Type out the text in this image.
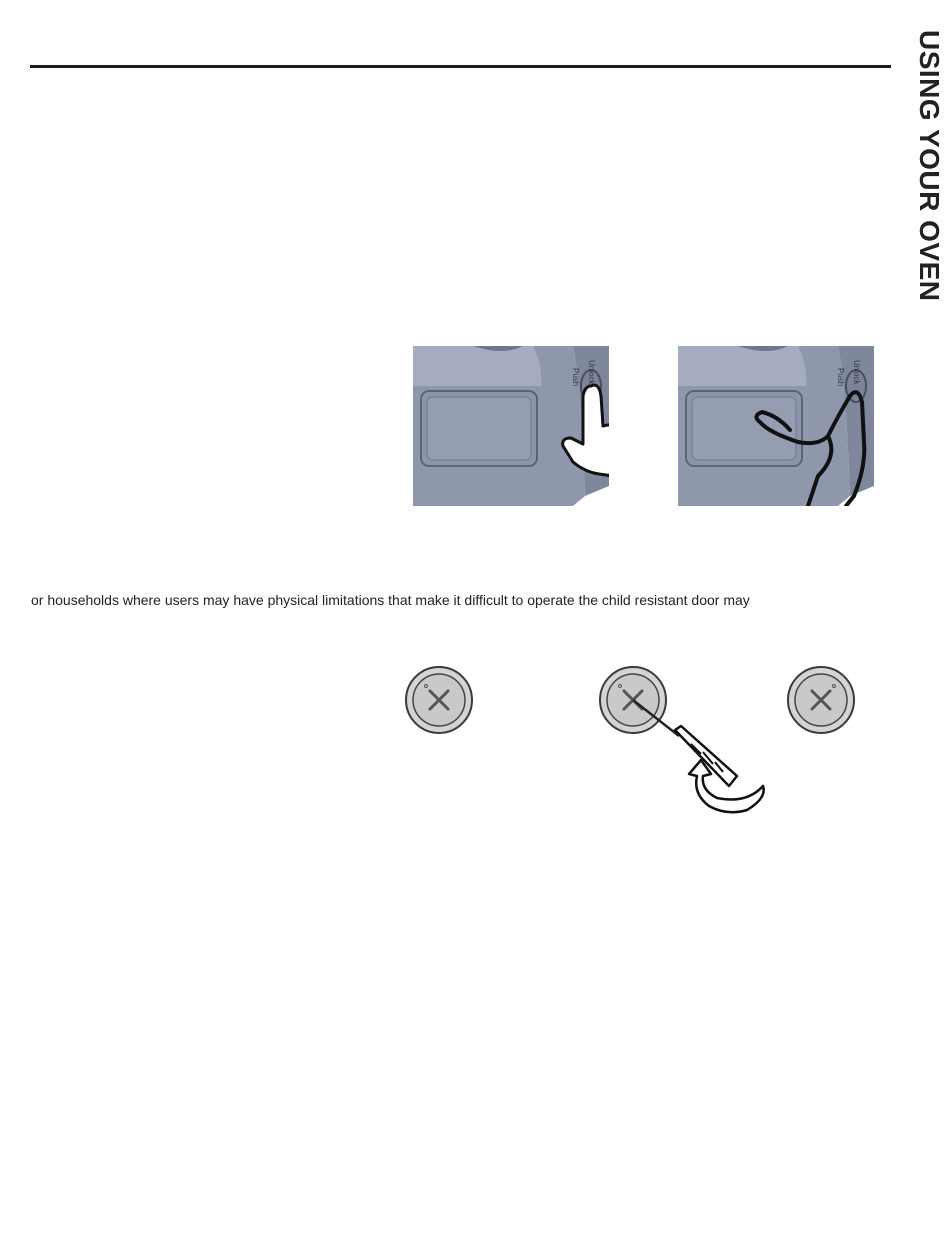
USING YOUR OVEN
Push Unlock	Push Unlock
or households where users may have physical limitations that make it difficult to operate the child resistant door may
